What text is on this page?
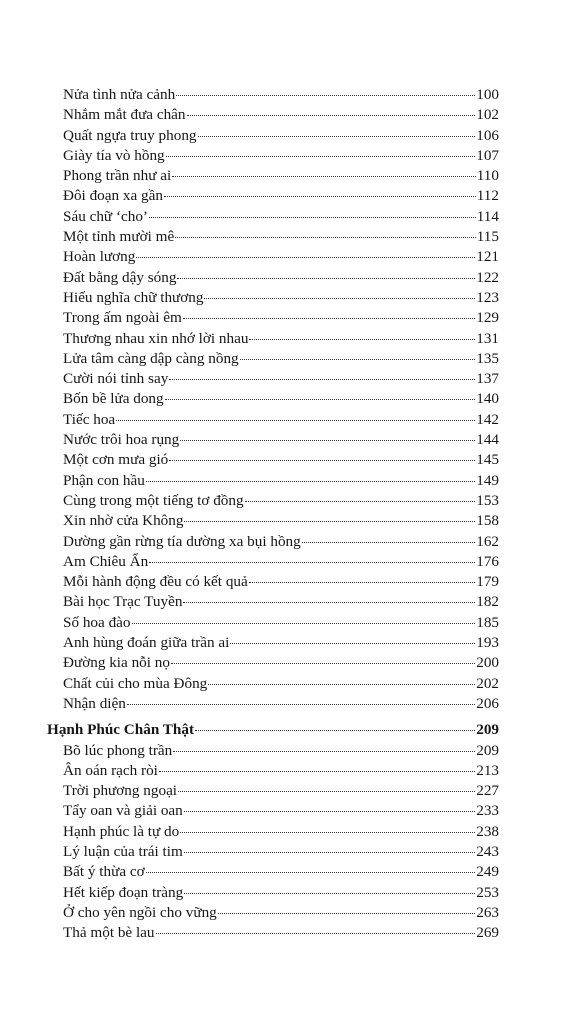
Nửa tình nửa cảnh	100
Nhắm mắt đưa chân	102
Quất ngựa truy phong	106
Giày tía vò hồng	107
Phong trần như ai	110
Đôi đoạn xa gần	112
Sáu chữ ‘cho’	114
Một tỉnh mười mê	115
Hoàn lương	121
Đất bằng dậy sóng	122
Hiếu nghĩa chữ thương	123
Trong ấm ngoài êm	129
Thương nhau xin nhớ lời nhau	131
Lửa tâm càng dập càng nồng	135
Cười nói tỉnh say	137
Bốn bề lửa dong	140
Tiếc hoa	142
Nước trôi hoa rụng	144
Một cơn mưa gió	145
Phận con hầu	149
Cùng trong một tiếng tơ đồng	153
Xin nhờ cửa Không	158
Dường gần rừng tía dường xa bụi hồng	162
Am Chiêu Ẩn	176
Mỗi hành động đều có kết quả	179
Bài học Trạc Tuyền	182
Số hoa đào	185
Anh hùng đoán giữa trần ai	193
Đường kia nỗi nọ	200
Chất củi cho mùa Đông	202
Nhận diện	206
Hạnh Phúc Chân Thật	209
Bõ lúc phong trần	209
Ân oán rạch ròi	213
Trời phương ngoại	227
Tẩy oan và giải oan	233
Hạnh phúc là tự do	238
Lý luận của trái tim	243
Bất ý thừa cơ	249
Hết kiếp đoạn tràng	253
Ở cho yên ngồi cho vững	263
Thả một bè lau	269
